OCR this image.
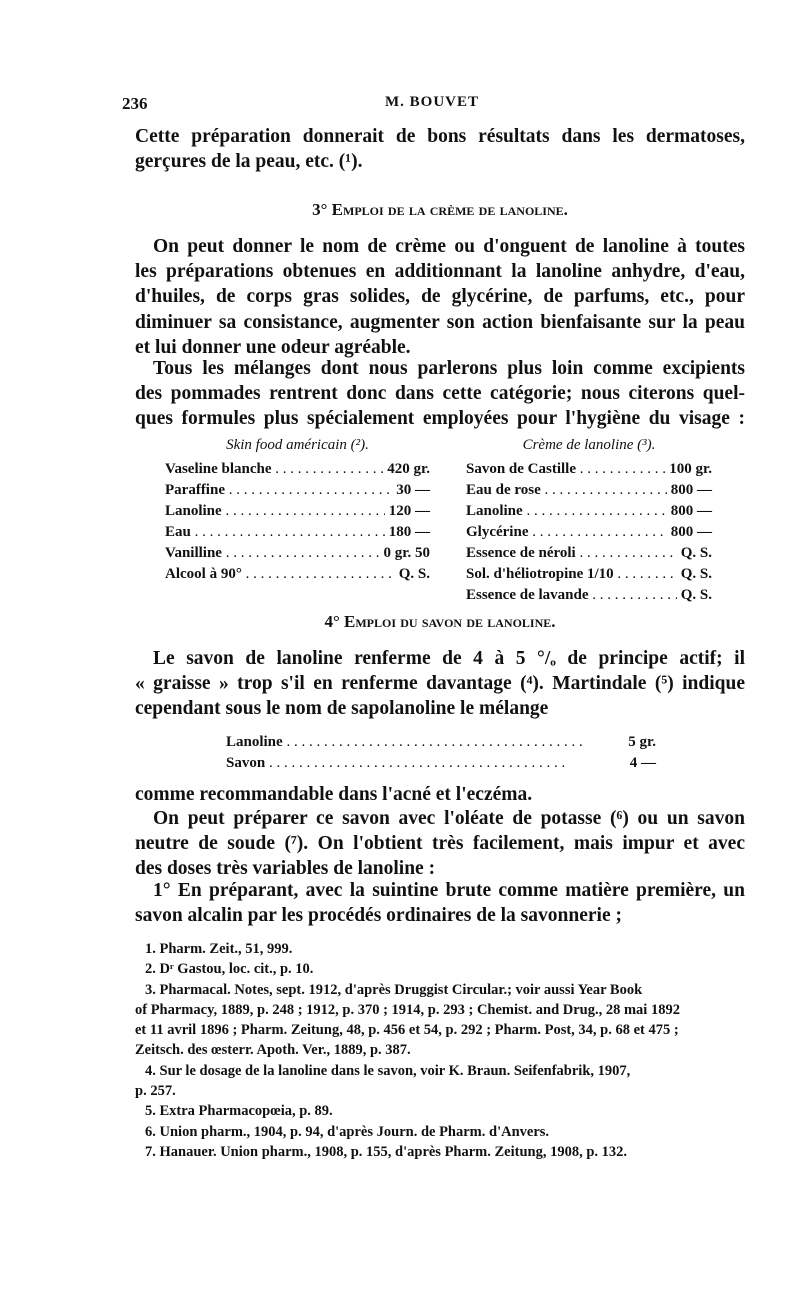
236	M. BOUVET
Cette préparation donnerait de bons résultats dans les dermatoses,
gerçures de la peau, etc. (¹).
3° Emploi de la crème de lanoline.
On peut donner le nom de crème ou d'onguent de lanoline à toutes
les préparations obtenues en additionnant la lanoline anhydre, d'eau,
d'huiles, de corps gras solides, de glycérine, de parfums, etc., pour
diminuer sa consistance, augmenter son action bienfaisante sur la peau
et lui donner une odeur agréable.
Tous les mélanges dont nous parlerons plus loin comme excipients
des pommades rentrent donc dans cette catégorie; nous citerons quel-
ques formules plus spécialement employées pour l'hygiène du visage :
Skin food américain (²).
Vaseline blanche . . .	420 gr.
Paraffine . . .	30 —
Lanoline . . .	120 —
Eau . . .	180 —
Vanilline . . .	0 gr. 50
Alcool à 90° . . .	Q. S.
Crème de lanoline (³).
Savon de Castille . . .	100 gr.
Eau de rose . . .	800 —
Lanoline . . .	800 —
Glycérine . . .	800 —
Essence de néroli . . .	Q. S.
Sol. d'héliotropine 1/10 . . .	Q. S.
Essence de lavande . . .	Q. S.
4° Emploi du savon de lanoline.
Le savon de lanoline renferme de 4 à 5 °/ₒ de principe actif; il
« graisse » trop s'il en renferme davantage (⁴). Martindale (⁵) indique
cependant sous le nom de sapolanoline le mélange
Lanoline . . .	5 gr.
Savon . . .	4 —
comme recommandable dans l'acné et l'eczéma.
On peut préparer ce savon avec l'oléate de potasse (⁶) ou un savon
neutre de soude (⁷). On l'obtient très facilement, mais impur et avec
des doses très variables de lanoline :
1° En préparant, avec la suintine brute comme matière première, un
savon alcalin par les procédés ordinaires de la savonnerie ;
1. Pharm. Zeit., 51, 999.
2. Dʳ Gastou, loc. cit., p. 10.
3. Pharmacal. Notes, sept. 1912, d'après Druggist Circular.; voir aussi Year Book
of Pharmacy, 1889, p. 248 ; 1912, p. 370 ; 1914, p. 293 ; Chemist. and Drug., 28 mai 1892
et 11 avril 1896 ; Pharm. Zeitung, 48, p. 456 et 54, p. 292 ; Pharm. Post, 34, p. 68 et 475 ;
Zeitsch. des œsterr. Apoth. Ver., 1889, p. 387.
4. Sur le dosage de la lanoline dans le savon, voir K. Braun. Seifenfabrik, 1907,
p. 257.
5. Extra Pharmacopœia, p. 89.
6. Union pharm., 1904, p. 94, d'après Journ. de Pharm. d'Anvers.
7. Hanauer. Union pharm., 1908, p. 155, d'après Pharm. Zeitung, 1908, p. 132.
